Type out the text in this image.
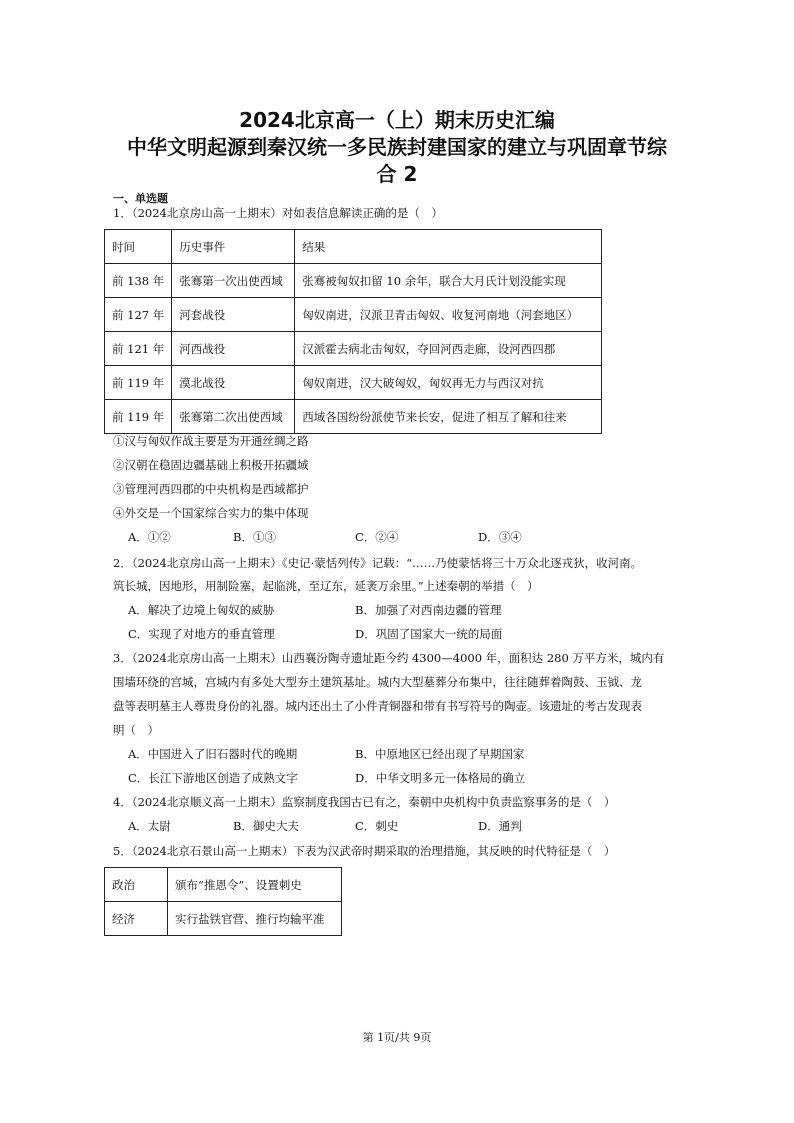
2024北京高一（上）期末历史汇编
中华文明起源到秦汉统一多民族封建国家的建立与巩固章节综
合 2
一、单选题
1．（2024北京房山高一上期末）对如表信息解读正确的是（　）
时间	历史事件	结果
前 138 年	张骞第一次出使西域	张骞被匈奴扣留 10 余年，联合大月氏计划没能实现
前 127 年	河套战役	匈奴南进，汉派卫青击匈奴、收复河南地（河套地区）
前 121 年	河西战役	汉派霍去病北击匈奴，夺回河西走廊，设河西四郡
前 119 年	漠北战役	匈奴南进，汉大破匈奴，匈奴再无力与西汉对抗
前 119 年	张骞第二次出使西域	西域各国纷纷派使节来长安，促进了相互了解和往来
①汉与匈奴作战主要是为开通丝绸之路
②汉朝在稳固边疆基础上积极开拓疆域
③管理河西四郡的中央机构是西域都护
④外交是一个国家综合实力的集中体现
A．①②	B．①③	C．②④	D．③④
2．（2024北京房山高一上期末）《史记·蒙恬列传》记载：“……乃使蒙恬将三十万众北逐戎狄，收河南。
筑长城，因地形，用制险塞，起临洮，至辽东，延袤万余里。”上述秦朝的举措（　）
A．解决了边境上匈奴的威胁	B．加强了对西南边疆的管理
C．实现了对地方的垂直管理	D．巩固了国家大一统的局面
3．（2024北京房山高一上期末）山西襄汾陶寺遗址距今约 4300—4000 年，面积达 280 万平方米，城内有
围墙环绕的宫城，宫城内有多处大型夯土建筑基址。城内大型墓葬分布集中，往往随葬着陶鼓、玉钺、龙
盘等表明墓主人尊贵身份的礼器。城内还出土了小件青铜器和带有书写符号的陶壶。该遗址的考古发现表
明（　）
A．中国进入了旧石器时代的晚期	B．中原地区已经出现了早期国家
C．长江下游地区创造了成熟文字	D．中华文明多元一体格局的确立
4．（2024北京顺义高一上期末）监察制度我国古已有之，秦朝中央机构中负责监察事务的是（　）
A．太尉	B．御史大夫	C．刺史	D．通判
5．（2024北京石景山高一上期末）下表为汉武帝时期采取的治理措施，其反映的时代特征是（　）
政治	颁布“推恩令”、设置刺史
经济	实行盐铁官营、推行均输平准
第 1页/共 9页
